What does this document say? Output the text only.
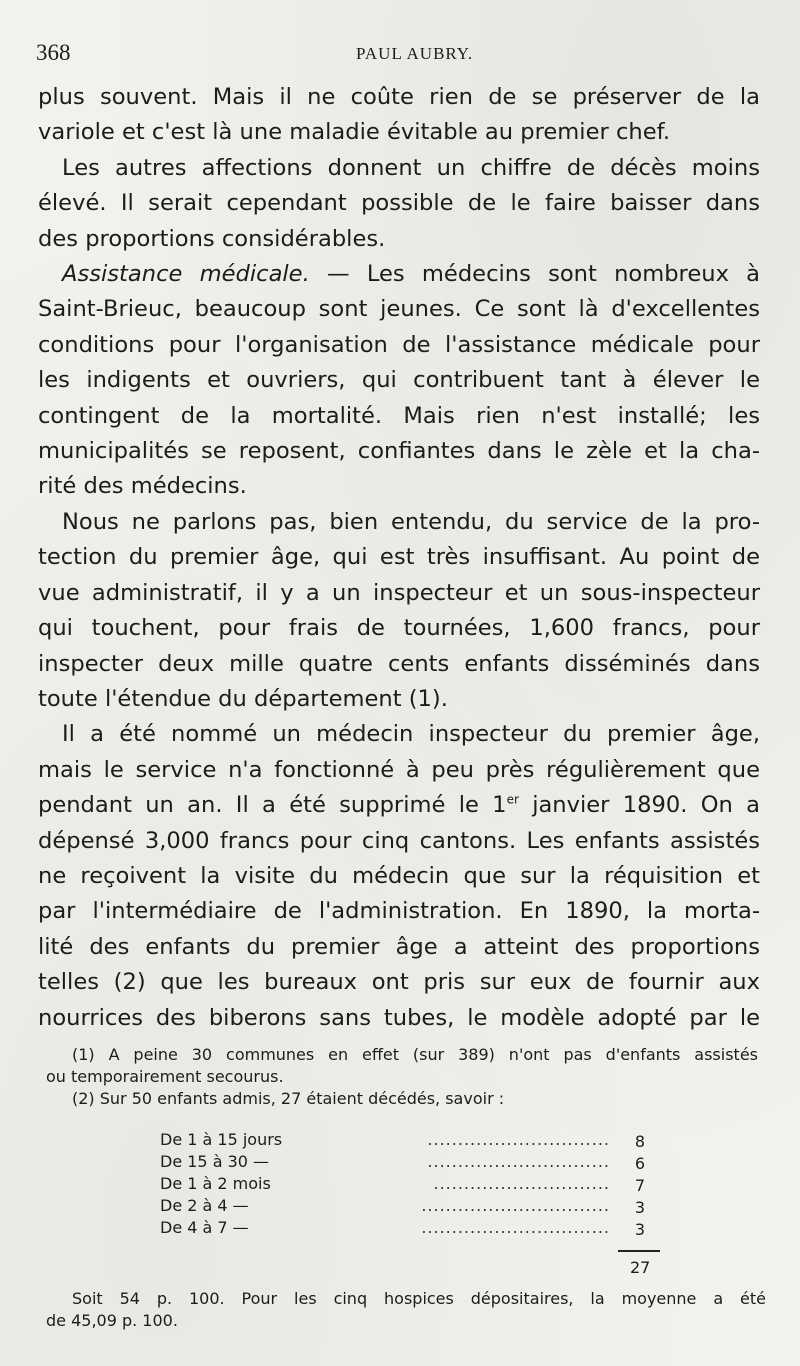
368	PAUL AUBRY.

plus souvent. Mais il ne coûte rien de se préserver de la
variole et c'est là une maladie évitable au premier chef.

Les autres affections donnent un chiffre de décès moins
élevé. Il serait cependant possible de le faire baisser dans
des proportions considérables.

Assistance médicale. — Les médecins sont nombreux à
Saint-Brieuc, beaucoup sont jeunes. Ce sont là d'excellentes
conditions pour l'organisation de l'assistance médicale pour
les indigents et ouvriers, qui contribuent tant à élever le
contingent de la mortalité. Mais rien n'est installé; les
municipalités se reposent, confiantes dans le zèle et la cha-
rité des médecins.

Nous ne parlons pas, bien entendu, du service de la pro-
tection du premier âge, qui est très insuffisant. Au point de
vue administratif, il y a un inspecteur et un sous-inspecteur
qui touchent, pour frais de tournées, 1,600 francs, pour
inspecter deux mille quatre cents enfants disséminés dans
toute l'étendue du département (1).

Il a été nommé un médecin inspecteur du premier âge,
mais le service n'a fonctionné à peu près régulièrement que
pendant un an. Il a été supprimé le 1er janvier 1890. On a
dépensé 3,000 francs pour cinq cantons. Les enfants assistés
ne reçoivent la visite du médecin que sur la réquisition et
par l'intermédiaire de l'administration. En 1890, la morta-
lité des enfants du premier âge a atteint des proportions
telles (2) que les bureaux ont pris sur eux de fournir aux
nourrices des biberons sans tubes, le modèle adopté par le

(1) A peine 30 communes en effet (sur 389) n'ont pas d'enfants assistés
ou temporairement secourus.
(2) Sur 50 enfants admis, 27 étaient décédés, savoir :
De 1 à 15 jours	..............................	8
De 15 à 30 —	..............................	6
De 1 à 2 mois	.............................	7
De 2 à 4 —	...............................	3
De 4 à 7 —	...............................	3
27
Soit 54 p. 100. Pour les cinq hospices dépositaires, la moyenne a été
de 45,09 p. 100.
